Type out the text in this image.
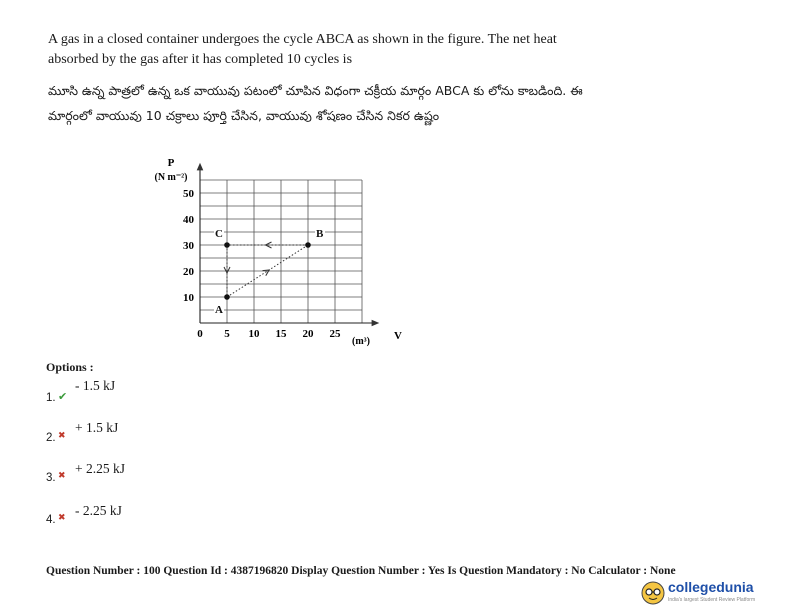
A gas in a closed container undergoes the cycle ABCA as shown in the figure. The net heat absorbed by the gas after it has completed 10 cycles is
మూసి ఉన్న పాత్రలో ఉన్న ఒక వాయువు పటంలో చూపిన విధంగా చక్రీయ మార్గం ABCA కు లోను కాబడింది. ఈ మార్గంలో వాయువు 10 చక్రాలు పూర్తి చేసిన, వాయువు శోషణం చేసిన నికర ఉష్ణం
10
20
30
40
50
0 5 10 15 20 25
A
B
C
P
(N m⁻²)
(m³) V
Options :
1. ✔
- 1.5 kJ
2. ✖
+ 1.5 kJ
3. ✖ + 2.25 kJ
4. ✖ - 2.25 kJ
Question Number : 100 Question Id : 4387196820 Display Question Number : Yes Is Question Mandatory : No Calculator : None
collegedunia
India's largest Student Review Platform
